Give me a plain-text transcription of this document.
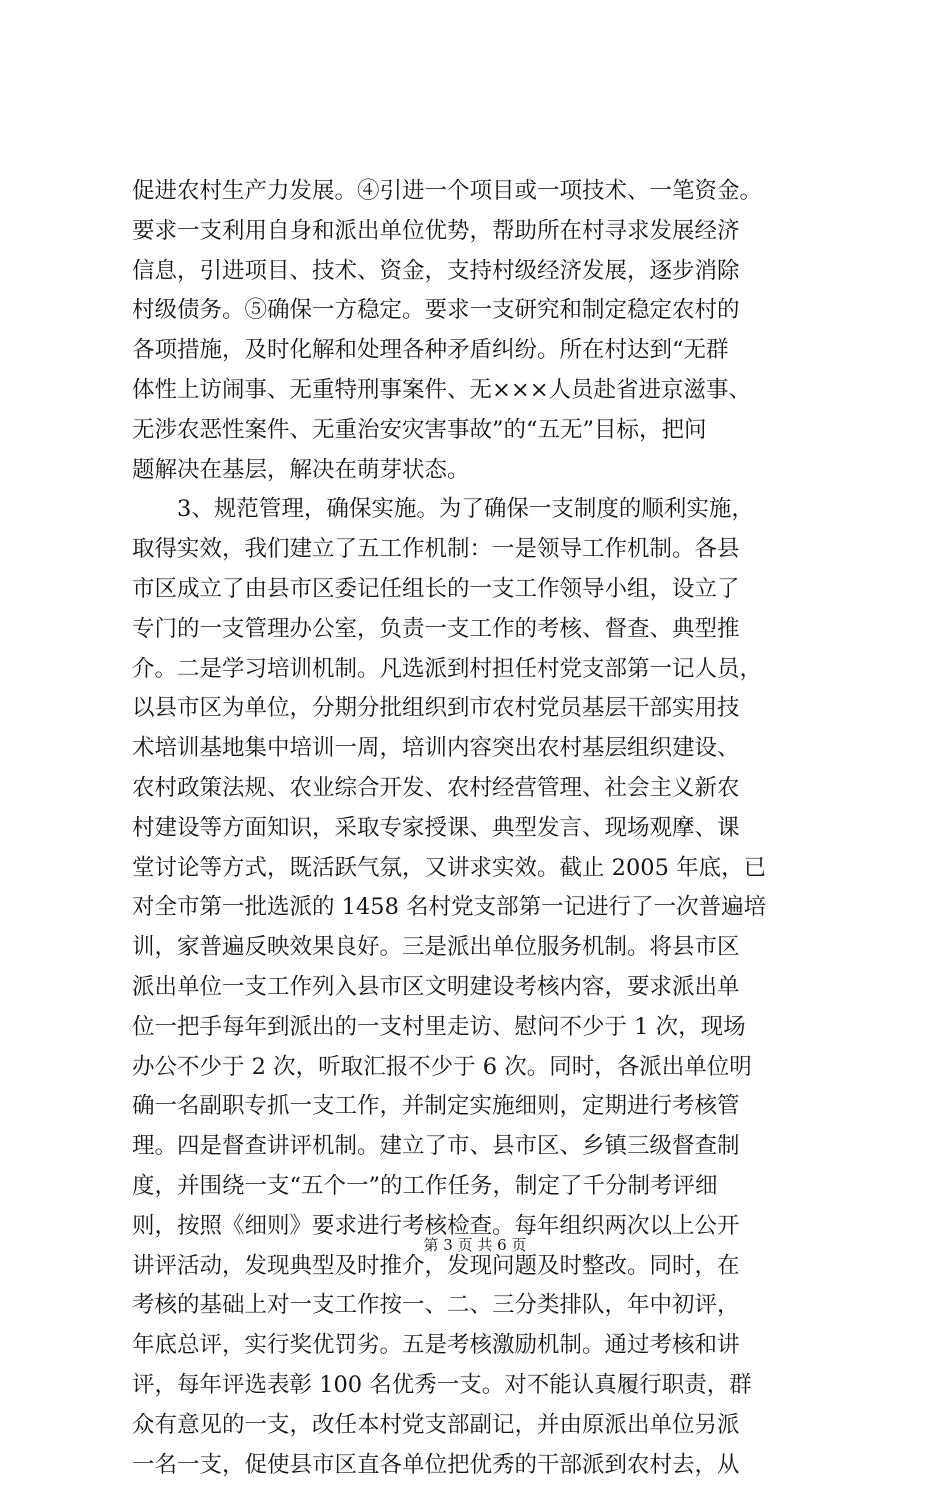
促进农村生产力发展。④引进一个项目或一项技术、一笔资金。
要求一支利用自身和派出单位优势，帮助所在村寻求发展经济
信息，引进项目、技术、资金，支持村级经济发展，逐步消除
村级债务。⑤确保一方稳定。要求一支研究和制定稳定农村的
各项措施，及时化解和处理各种矛盾纠纷。所在村达到“无群
体性上访闹事、无重特刑事案件、无×××人员赴省进京滋事、
无涉农恶性案件、无重治安灾害事故”的“五无”目标，把问
题解决在基层，解决在萌芽状态。
　　3、规范管理，确保实施。为了确保一支制度的顺利实施，
取得实效，我们建立了五工作机制：一是领导工作机制。各县
市区成立了由县市区委记任组长的一支工作领导小组，设立了
专门的一支管理办公室，负责一支工作的考核、督查、典型推
介。二是学习培训机制。凡选派到村担任村党支部第一记人员，
以县市区为单位，分期分批组织到市农村党员基层干部实用技
术培训基地集中培训一周，培训内容突出农村基层组织建设、
农村政策法规、农业综合开发、农村经营管理、社会主义新农
村建设等方面知识，采取专家授课、典型发言、现场观摩、课
堂讨论等方式，既活跃气氛，又讲求实效。截止 2005 年底，已
对全市第一批选派的 1458 名村党支部第一记进行了一次普遍培
训，家普遍反映效果良好。三是派出单位服务机制。将县市区
派出单位一支工作列入县市区文明建设考核内容，要求派出单
位一把手每年到派出的一支村里走访、慰问不少于 1 次，现场
办公不少于 2 次，听取汇报不少于 6 次。同时，各派出单位明
确一名副职专抓一支工作，并制定实施细则，定期进行考核管
理。四是督查讲评机制。建立了市、县市区、乡镇三级督查制
度，并围绕一支“五个一”的工作任务，制定了千分制考评细
则，按照《细则》要求进行考核检查。每年组织两次以上公开
讲评活动，发现典型及时推介，发现问题及时整改。同时，在
考核的基础上对一支工作按一、二、三分类排队，年中初评，
年底总评，实行奖优罚劣。五是考核激励机制。通过考核和讲
评，每年评选表彰 100 名优秀一支。对不能认真履行职责，群
众有意见的一支，改任本村党支部副记，并由原派出单位另派
一名一支，促使县市区直各单位把优秀的干部派到农村去，从
第 3 页 共 6 页
